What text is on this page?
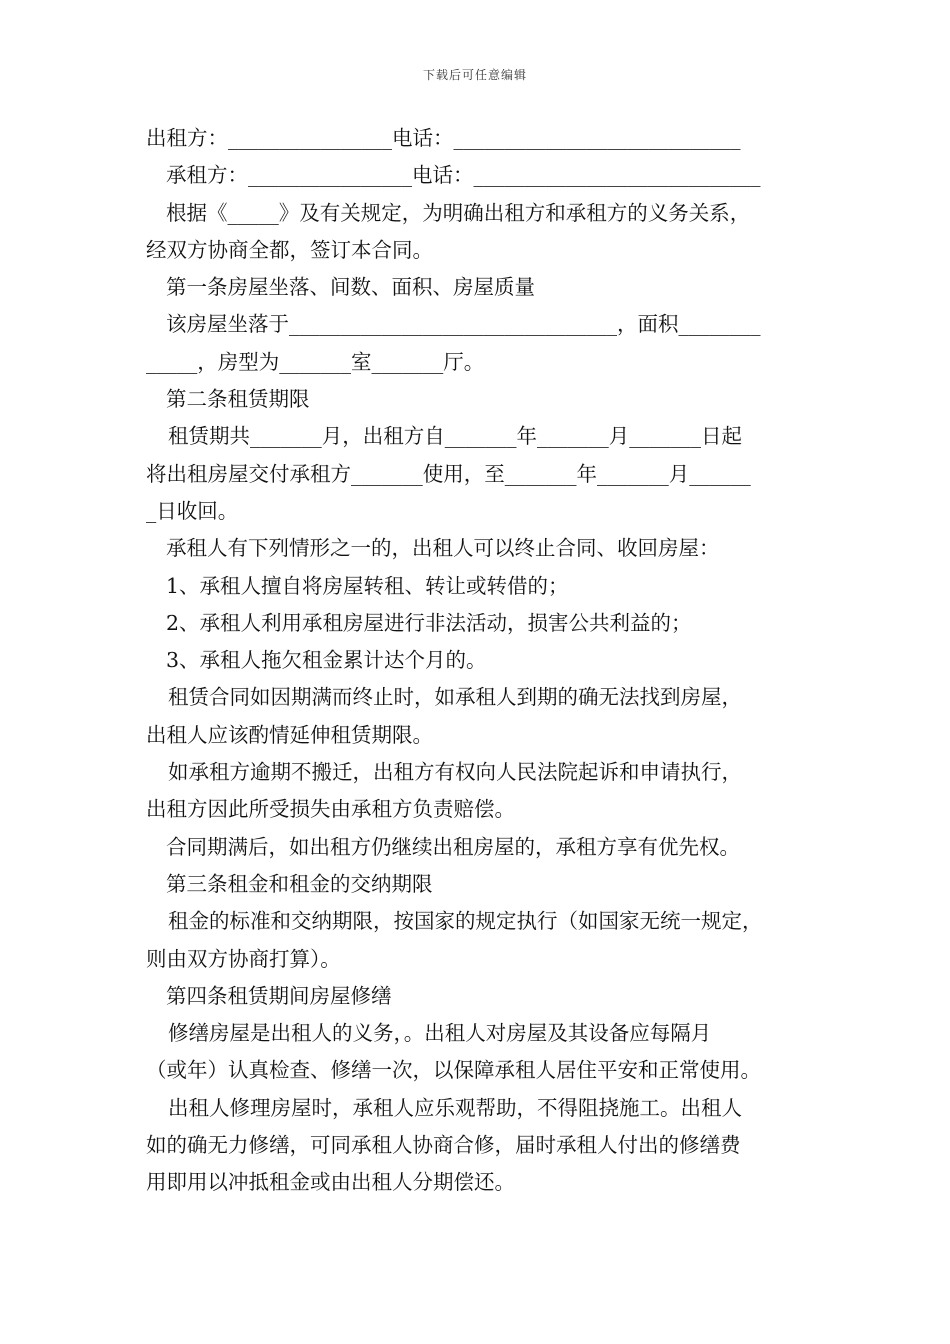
下载后可任意编辑
出租方：________________电话：____________________________
承租方：________________电话：____________________________
根据《_____》及有关规定，为明确出租方和承租方的义务关系，
经双方协商全都，签订本合同。
第一条房屋坐落、间数、面积、房屋质量
该房屋坐落于________________________________，面积________
_____，房型为_______室_______厅。
第二条租赁期限
租赁期共_______月，出租方自_______年_______月_______日起
将出租房屋交付承租方_______使用，至_______年_______月______
_日收回。
承租人有下列情形之一的，出租人可以终止合同、收回房屋：
1、承租人擅自将房屋转租、转让或转借的；
2、承租人利用承租房屋进行非法活动，损害公共利益的；
3、承租人拖欠租金累计达个月的。
租赁合同如因期满而终止时，如承租人到期的确无法找到房屋，
出租人应该酌情延伸租赁期限。
如承租方逾期不搬迁，出租方有权向人民法院起诉和申请执行，
出租方因此所受损失由承租方负责赔偿。
合同期满后，如出租方仍继续出租房屋的，承租方享有优先权。
第三条租金和租金的交纳期限
租金的标准和交纳期限，按国家的规定执行（如国家无统一规定，
则由双方协商打算）。
第四条租赁期间房屋修缮
修缮房屋是出租人的义务，。出租人对房屋及其设备应每隔月
（或年）认真检查、修缮一次，以保障承租人居住平安和正常使用。
出租人修理房屋时，承租人应乐观帮助，不得阻挠施工。出租人
如的确无力修缮，可同承租人协商合修，届时承租人付出的修缮费
用即用以冲抵租金或由出租人分期偿还。
